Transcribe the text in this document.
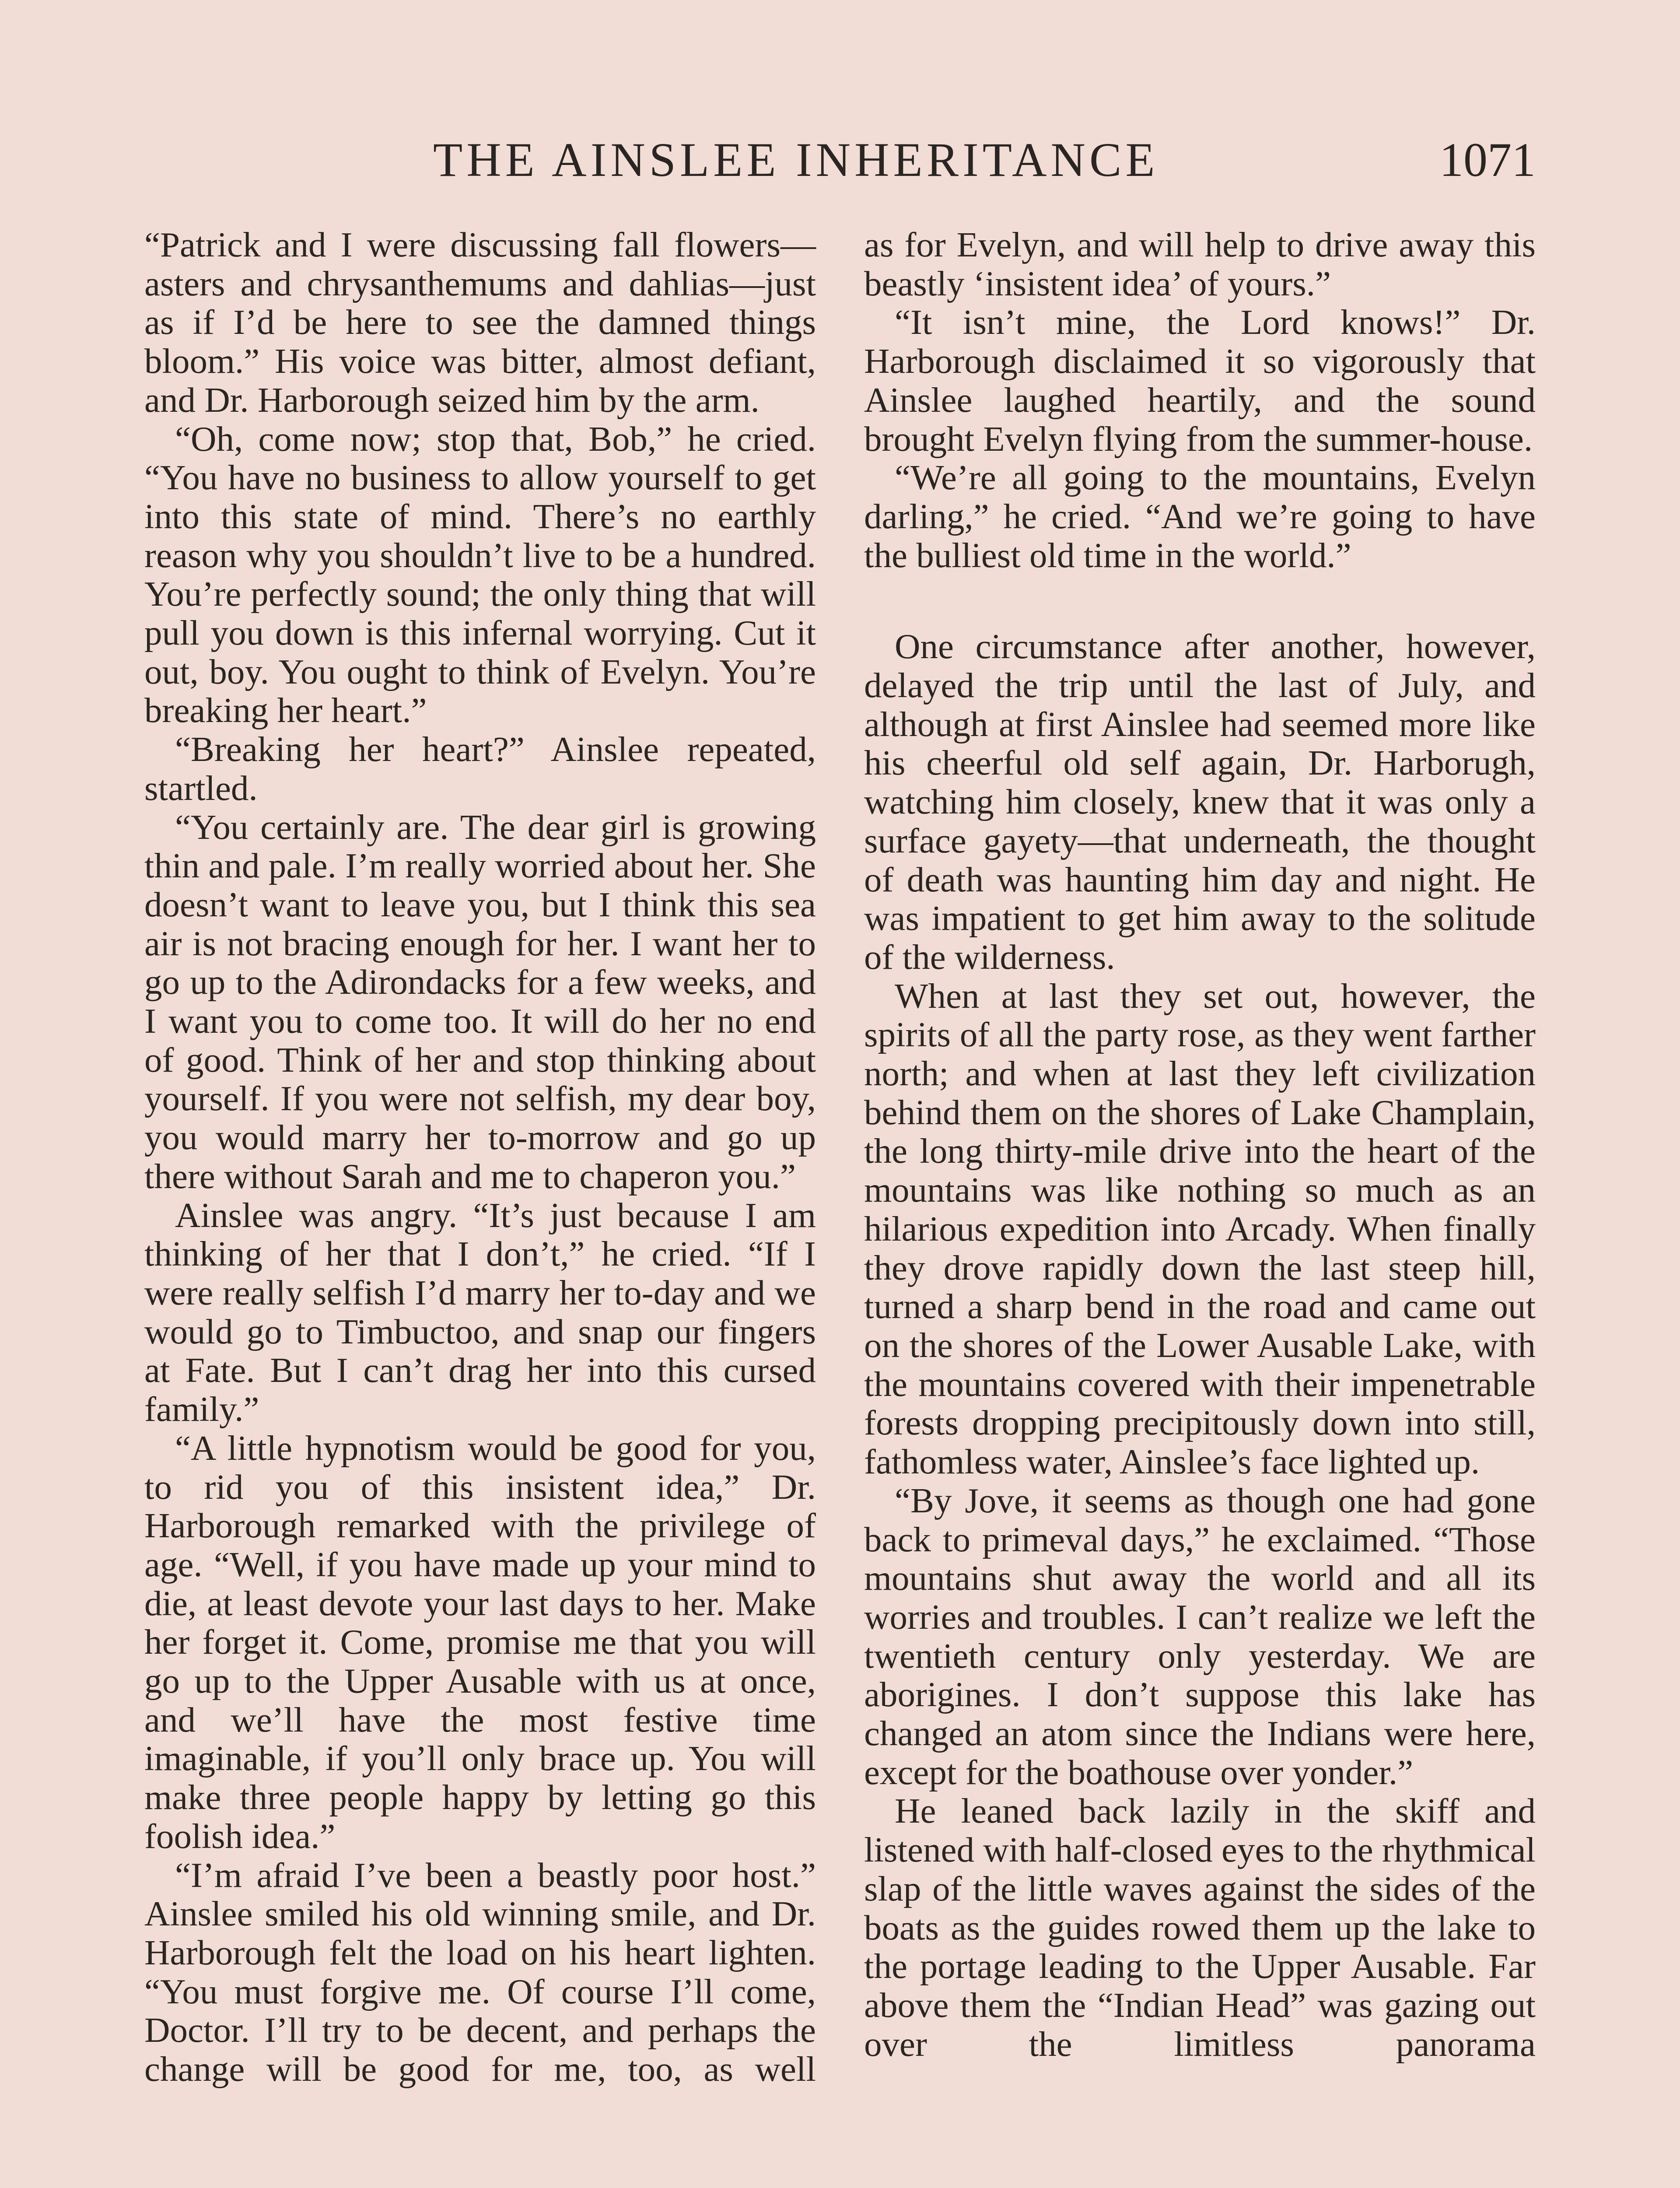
THE AINSLEE INHERITANCE	1071

“Patrick and I were discussing fall flowers—asters and chrysanthemums and dahlias—just as if I’d be here to see the damned things bloom.” His voice was bitter, almost defiant, and Dr. Harborough seized him by the arm.

“Oh, come now; stop that, Bob,” he cried. “You have no business to allow yourself to get into this state of mind. There’s no earthly reason why you shouldn’t live to be a hundred. You’re perfectly sound; the only thing that will pull you down is this infernal worrying. Cut it out, boy. You ought to think of Evelyn. You’re breaking her heart.”

“Breaking her heart?” Ainslee repeated, startled.

“You certainly are. The dear girl is growing thin and pale. I’m really worried about her. She doesn’t want to leave you, but I think this sea air is not bracing enough for her. I want her to go up to the Adirondacks for a few weeks, and I want you to come too. It will do her no end of good. Think of her and stop thinking about yourself. If you were not selfish, my dear boy, you would marry her to-morrow and go up there without Sarah and me to chaperon you.”

Ainslee was angry. “It’s just because I am thinking of her that I don’t,” he cried. “If I were really selfish I’d marry her to-day and we would go to Timbuctoo, and snap our fingers at Fate. But I can’t drag her into this cursed family.”

“A little hypnotism would be good for you, to rid you of this insistent idea,” Dr. Harborough remarked with the privilege of age. “Well, if you have made up your mind to die, at least devote your last days to her. Make her forget it. Come, promise me that you will go up to the Upper Ausable with us at once, and we’ll have the most festive time imaginable, if you’ll only brace up. You will make three people happy by letting go this foolish idea.”

“I’m afraid I’ve been a beastly poor host.” Ainslee smiled his old winning smile, and Dr. Harborough felt the load on his heart lighten. “You must forgive me. Of course I’ll come, Doctor. I’ll try to be decent, and perhaps the change will be good for me, too, as well

as for Evelyn, and will help to drive away this beastly ‘insistent idea’ of yours.”

“It isn’t mine, the Lord knows!” Dr. Harborough disclaimed it so vigorously that Ainslee laughed heartily, and the sound brought Evelyn flying from the summer-house.

“We’re all going to the mountains, Evelyn darling,” he cried. “And we’re going to have the bulliest old time in the world.”

One circumstance after another, however, delayed the trip until the last of July, and although at first Ainslee had seemed more like his cheerful old self again, Dr. Harborugh, watching him closely, knew that it was only a surface gayety—that underneath, the thought of death was haunting him day and night. He was impatient to get him away to the solitude of the wilderness.

When at last they set out, however, the spirits of all the party rose, as they went farther north; and when at last they left civilization behind them on the shores of Lake Champlain, the long thirty-mile drive into the heart of the mountains was like nothing so much as an hilarious expedition into Arcady. When finally they drove rapidly down the last steep hill, turned a sharp bend in the road and came out on the shores of the Lower Ausable Lake, with the mountains covered with their impenetrable forests dropping precipitously down into still, fathomless water, Ainslee’s face lighted up.

“By Jove, it seems as though one had gone back to primeval days,” he exclaimed. “Those mountains shut away the world and all its worries and troubles. I can’t realize we left the twentieth century only yesterday. We are aborigines. I don’t suppose this lake has changed an atom since the Indians were here, except for the boathouse over yonder.”

He leaned back lazily in the skiff and listened with half-closed eyes to the rhythmical slap of the little waves against the sides of the boats as the guides rowed them up the lake to the portage leading to the Upper Ausable. Far above them the “Indian Head” was gazing out over the limitless panorama
